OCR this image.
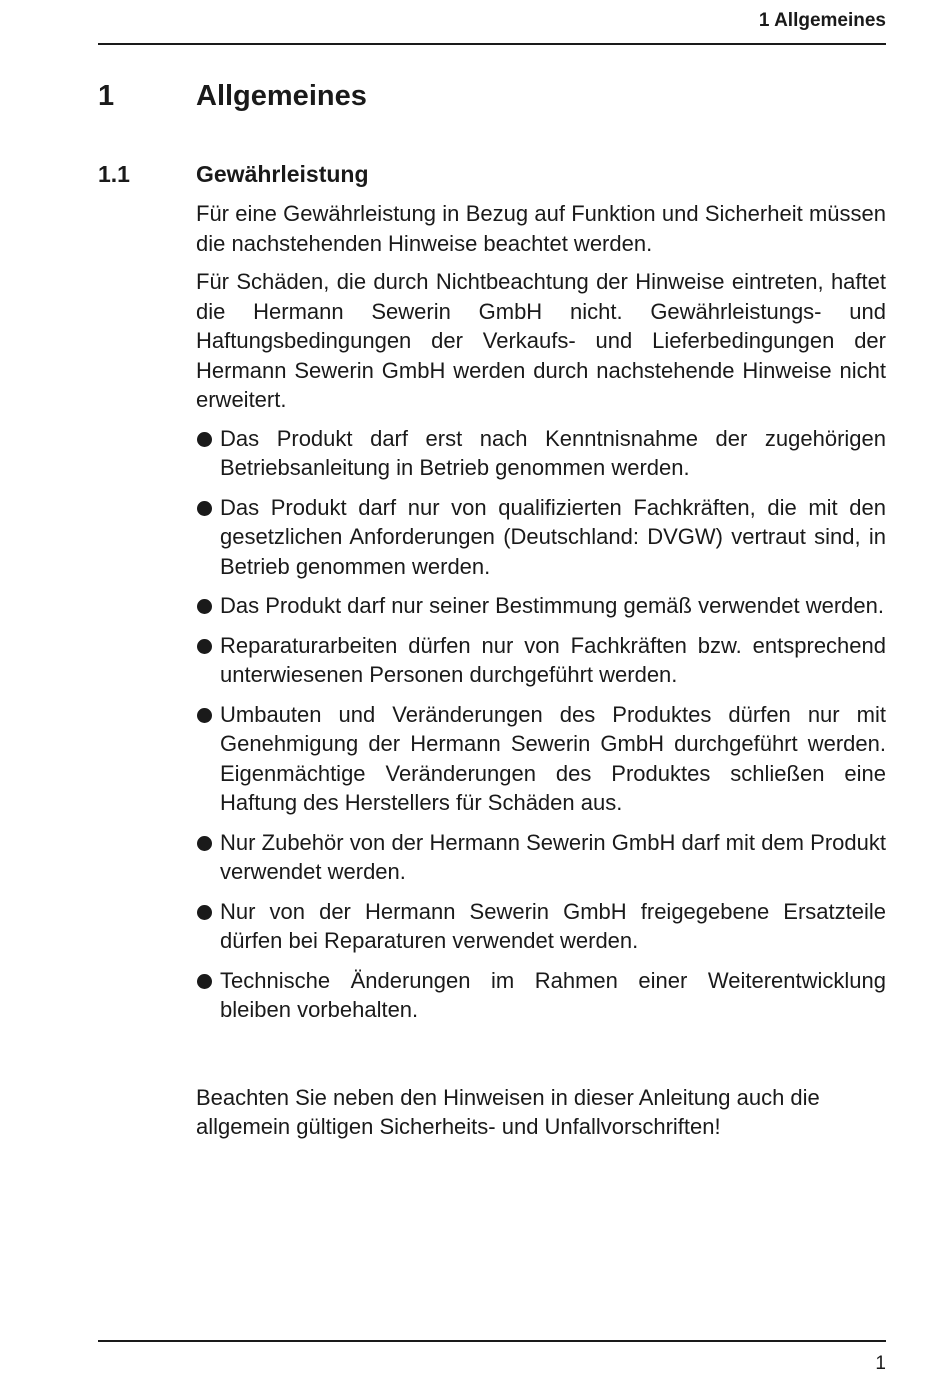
1 Allgemeines
1	Allgemeines
1.1	Gewährleistung

Für eine Gewährleistung in Bezug auf Funktion und Sicherheit müssen die nachstehenden Hinweise beachtet werden.

Für Schäden, die durch Nichtbeachtung der Hinweise eintreten, haftet die Hermann Sewerin GmbH nicht. Gewährleistungs- und Haftungsbedingungen der Verkaufs- und Lieferbedingungen der Hermann Sewerin GmbH werden durch nachstehende Hinweise nicht erweitert.

Das Produkt darf erst nach Kenntnisnahme der zugehörigen Betriebsanleitung in Betrieb genommen werden.
Das Produkt darf nur von qualifizierten Fachkräften, die mit den gesetzlichen Anforderungen (Deutschland: DVGW) vertraut sind, in Betrieb genommen werden.
Das Produkt darf nur seiner Bestimmung gemäß verwendet werden.
Reparaturarbeiten dürfen nur von Fachkräften bzw. entsprechend unterwiesenen Personen durchgeführt werden.
Umbauten und Veränderungen des Produktes dürfen nur mit Genehmigung der Hermann Sewerin GmbH durchgeführt werden. Eigenmächtige Veränderungen des Produktes schließen eine Haftung des Herstellers für Schäden aus.
Nur Zubehör von der Hermann Sewerin GmbH darf mit dem Produkt verwendet werden.
Nur von der Hermann Sewerin GmbH freigegebene Ersatzteile dürfen bei Reparaturen verwendet werden.
Technische Änderungen im Rahmen einer Weiterentwicklung bleiben vorbehalten.

Beachten Sie neben den Hinweisen in dieser Anleitung auch die allgemein gültigen Sicherheits- und Unfallvorschriften!

1
